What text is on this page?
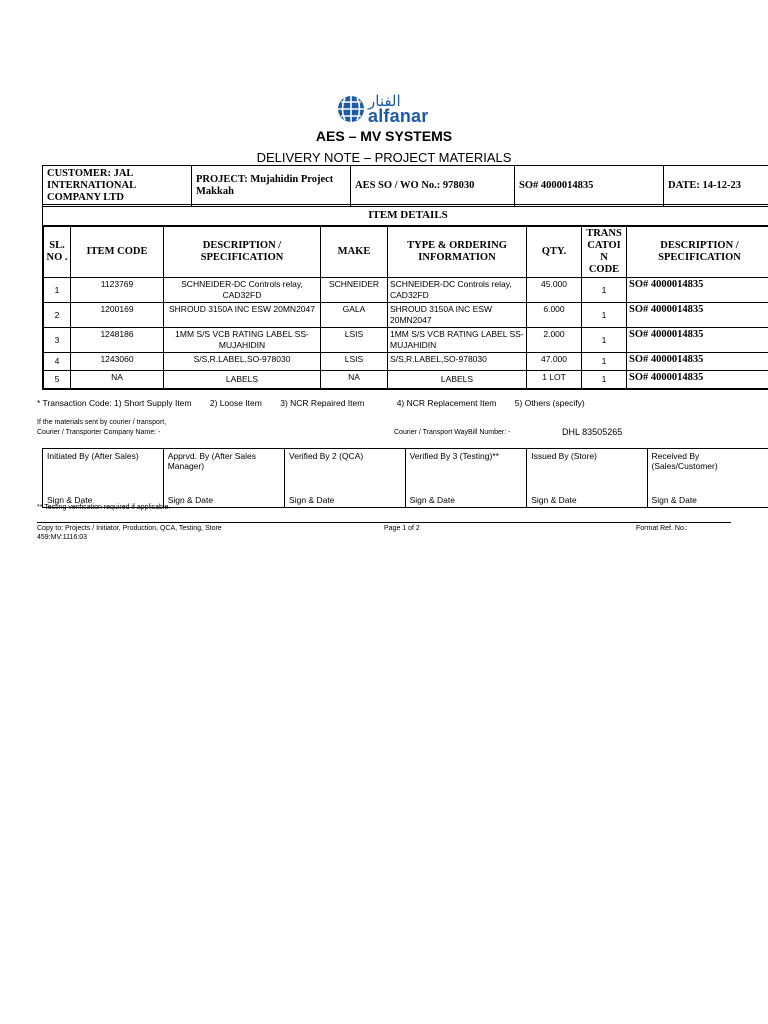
الفنار
alfanar
AES – MV SYSTEMS
DELIVERY NOTE – PROJECT MATERIALS
CUSTOMER: JAL INTERNATIONAL COMPANY LTD	PROJECT: Mujahidin Project Makkah	AES SO / WO No.: 978030	SO# 4000014835	DATE: 14-12-23
ITEM DETAILS
SL. NO .	ITEM CODE	DESCRIPTION / SPECIFICATION	MAKE	TYPE & ORDERING INFORMATION	QTY.	TRANS CATOI N CODE	DESCRIPTION / SPECIFICATION
1	1123769	SCHNEIDER-DC Controls relay, CAD32FD	SCHNEIDER	SCHNEIDER-DC Controls relay, CAD32FD	45.000	1	SO# 4000014835
2	1200169	SHROUD 3150A INC ESW 20MN2047	GALA	SHROUD 3150A INC ESW 20MN2047	6.000	1	SO# 4000014835
3	1248186	1MM S/S VCB RATING LABEL SS-MUJAHIDIN	LSIS	1MM S/S VCB RATING LABEL SS-MUJAHIDIN	2.000	1	SO# 4000014835
4	1243060	S/S,R.LABEL,SO-978030	LSIS	S/S,R.LABEL,SO-978030	47.000	1	SO# 4000014835
5	NA	LABELS	NA	LABELS	1 LOT	1	SO# 4000014835
* Transaction Code: 1) Short Supply Item 2) Loose Item 3) NCR Repaired Item	4) NCR Replacement Item 5) Others (specify)
If the materials sent by courier / transport,
Courier / Transporter Company Name: -	Courier / Transport WayBill Number: -	DHL 83505265
Initiated By (After Sales)
Sign & Date
	Apprvd. By (After Sales Manager)
Sign & Date
	Verified By 2 (QCA)
Sign & Date
	Verified By 3 (Testing)**
Sign & Date
	Issued By (Store)
Sign & Date
	Received By (Sales/Customer)
Sign & Date
** Testing verification required if applicable.
Copy to: Projects / Initiator, Production, QCA, Testing, Store	Page 1 of 2	Format Ref. No.:
459:MV:1116:03
